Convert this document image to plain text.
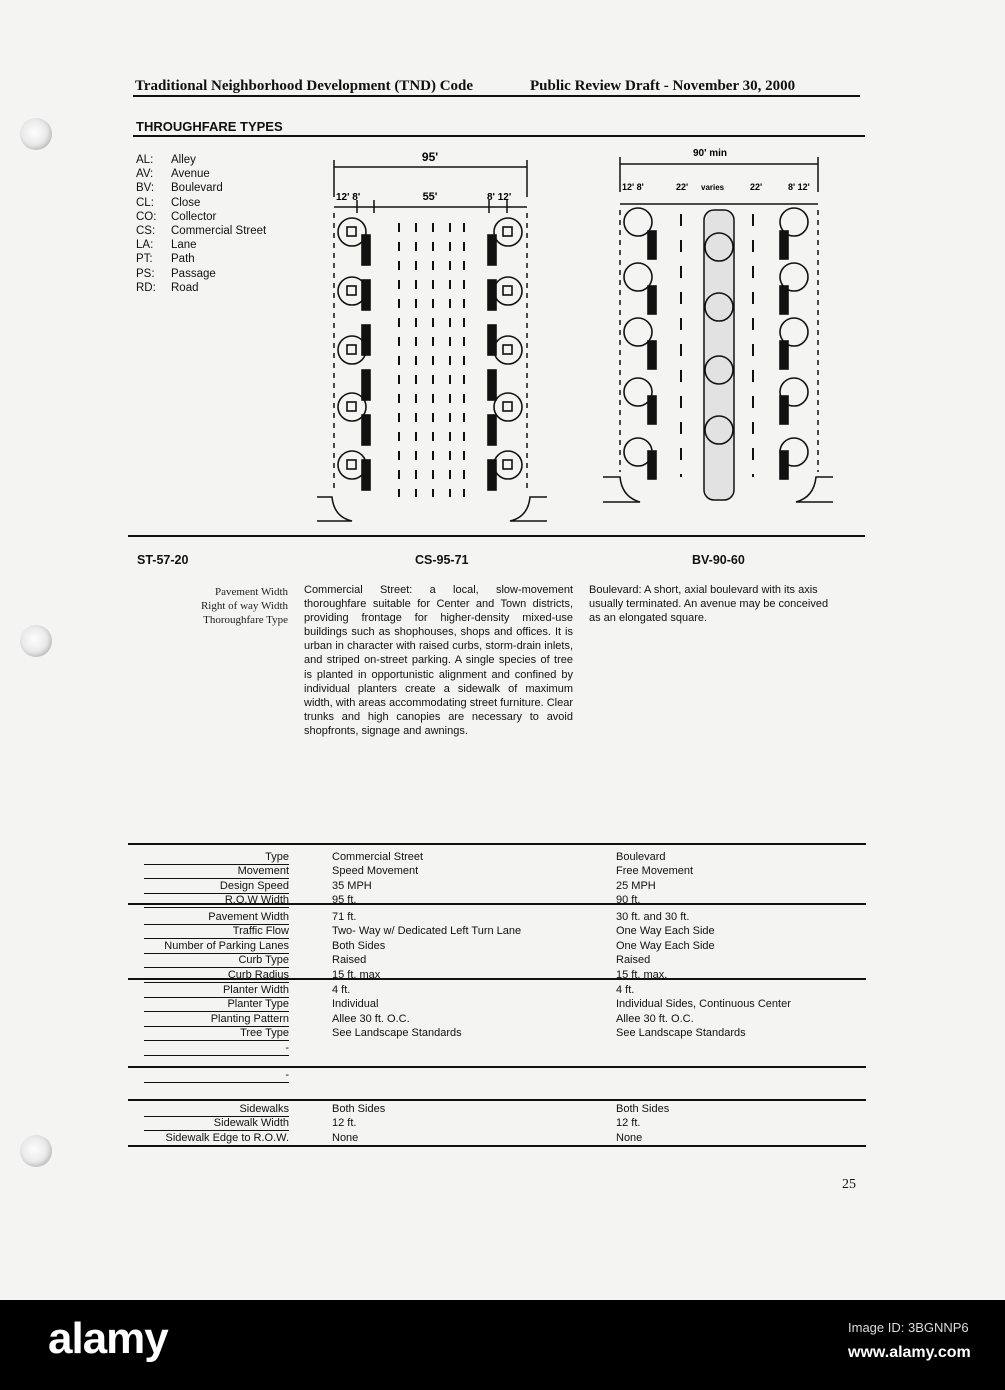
Traditional Neighborhood Development (TND) Code	Public Review Draft - November 30, 2000
THROUGHFARE TYPES
AL:	Alley
AV:	Avenue
BV:	Boulevard
CL:	Close
CO:	Collector
CS:	Commercial Street
LA:	Lane
PT:	Path
PS:	Passage
RD:	Road
95'
55'
12' 8'	8' 12'
90' min
12' 8'	22' varies	22'	8' 12'
ST-57-20	CS-95-71	BV-90-60
Pavement Width
Right of way Width
Thoroughfare Type
Commercial Street: a local, slow-movement thoroughfare suitable for Center and Town districts, providing frontage for higher-density mixed-use buildings such as shophouses, shops and offices. It is urban in character with raised curbs, storm-drain inlets, and striped on-street parking. A single species of tree is planted in opportunistic alignment and confined by individual planters create a sidewalk of maximum width, with areas accommodating street furniture. Clear trunks and high canopies are necessary to avoid shopfronts, signage and awnings.
Boulevard: A short, axial boulevard with its axis usually terminated. An avenue may be conceived as an elongated square.
Type	Commercial Street	Boulevard
Movement	Speed Movement	Free Movement
Design Speed	35 MPH	25 MPH
R.O.W Width	95 ft.	90 ft.
Pavement Width	71 ft.	30 ft. and 30 ft.
Traffic Flow	Two- Way w/ Dedicated Left Turn Lane	One Way Each Side
Number of Parking Lanes	Both Sides	One Way Each Side
Curb Type	Raised	Raised
Curb Radius	15 ft. max	15 ft. max.
Planter Width	4 ft.	4 ft.
Planter Type	Individual	Individual Sides, Continuous Center
Planting Pattern	Allee 30 ft. O.C.	Allee 30 ft. O.C.
Tree Type	See Landscape Standards	See Landscape Standards
-
-
Sidewalks	Both Sides	Both Sides
Sidewalk Width	12 ft.	12 ft.
Sidewalk Edge to R.O.W.	None	None
25
alamy	Image ID: 3BGNNP6
www.alamy.com
